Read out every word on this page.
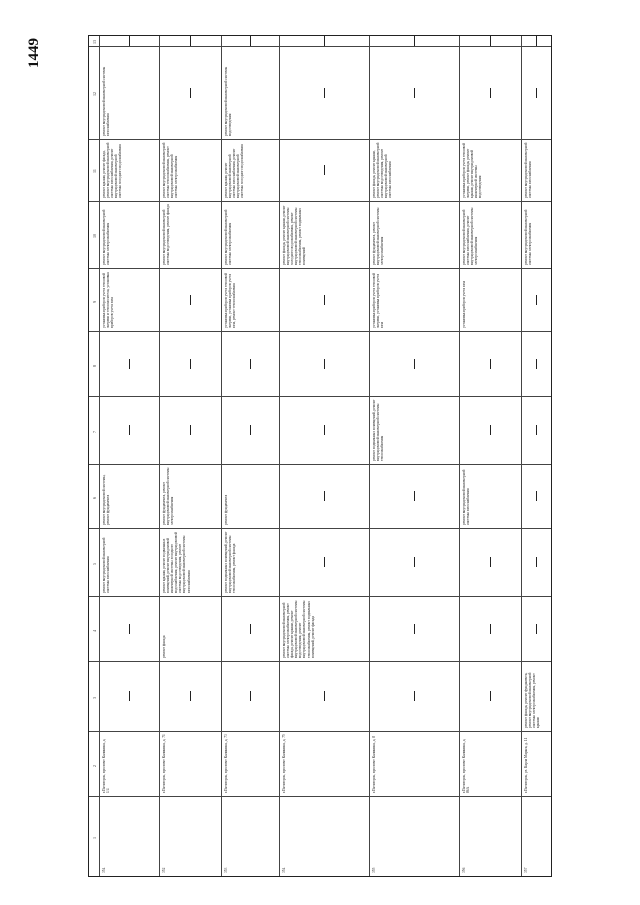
1449
1
2
3
4
5
6
7
8
9
10
11
12
13
354
г.Пятигорск, проспект Калинина, д. 1/4
ремонт внутридомовой инженерной системы газоснабжения
ремонт внутридомовой системы, ремонт фундамента
установка приборов учета тепловой энергии и теплоносителя, установка приборов учета газа
ремонт внутридомовой инженерной системы электроснабжения
ремонт крыши, ремонт фасада, ремонт внутридомовой инженерной системы газоснабжения, ремонт внутридомовой инженерной системы холодного водоснабжения
ремонт внутридомовой инженерной системы газоснабжения
352
г.Пятигорск, проспект Калинина, д. 71
ремонт фасада
ремонт крыши, ремонт подвальных помещений, ремонт внутридомовой инженерной системы холодного водоснабжения, ремонт внутридомовой системы водоотведения, ремонт внутридомовой инженерной системы газоснабжения
ремонт фундамента, ремонт внутридомовой инженерной системы электроснабжения
ремонт внутридомовой инженерной системы водоотведения, ремонт фасада
ремонт внутридомовой инженерной системы теплоснабжения, ремонт внутридомовой инженерной системы электроснабжения
353
г.Пятигорск, проспект Калинина, д. 73
ремонт подвальных помещений, ремонт внутридомовой инженерной системы теплоснабжения, ремонт фасада
ремонт фундамента
установка приборов учета тепловой энергии, установка приборов учета газа, ремонт теплоснабжения
ремонт внутридомовой инженерной системы электроснабжения
ремонт крыши, ремонт внутридомовой инженерной системы газоснабжения, ремонт внутридомовой инженерной системы холодного водоснабжения
ремонт внутридомовой инженерной системы водоотведения
354
г.Пятигорск, проспект Калинина, д. 75
ремонт внутридомовой инженерной системы электроснабжения, ремонт фасада, ремонт крыши, ремонт внутридомовой инженерной системы водоотведения, ремонт внутридомовой инженерной системы теплоснабжения, ремонт подвальных помещений, ремонт фасада
ремонт фасада, ремонт крыши, ремонт внутридомовой инженерной системы холодного водоснабжения, ремонт внутридомовой инженерной системы теплоснабжения, ремонт подвальных помещений
355
г.Пятигорск, проспект Калинина, д. 8
ремонт подвальных помещений, ремонт внутридомовой инженерной системы теплоснабжения
установка приборов учета тепловой энергии, установка приборов учета газа
ремонт фундамента, ремонт внутридомовой инженерной системы электроснабжения
ремонт фасада, ремонт крыши, ремонт внутридомовой инженерной системы водоотведения, ремонт внутридомовой инженерной системы газоснабжения
356
г.Пятигорск, проспект Калинина, д. 86А
ремонт внутридомовой инженерной системы газоснабжения
установка приборов учета газа
ремонт внутридомовой инженерной системы газоснабжения, ремонт внутридомовой инженерной системы электроснабжения
установка приборов учета тепловой энергии, ремонт фасада, ремонт крыши, ремонт внутридомовой инженерной системы водоотведения
357
г.Пятигорск, ул. Карла Маркса, д. 11
ремонт фасада, ремонт фундамента, ремонт внутридомовой инженерной системы электроснабжения, ремонт крыши
ремонт внутридомовой инженерной системы электроснабжения
ремонт внутридомовой инженерной системы газоснабжения
